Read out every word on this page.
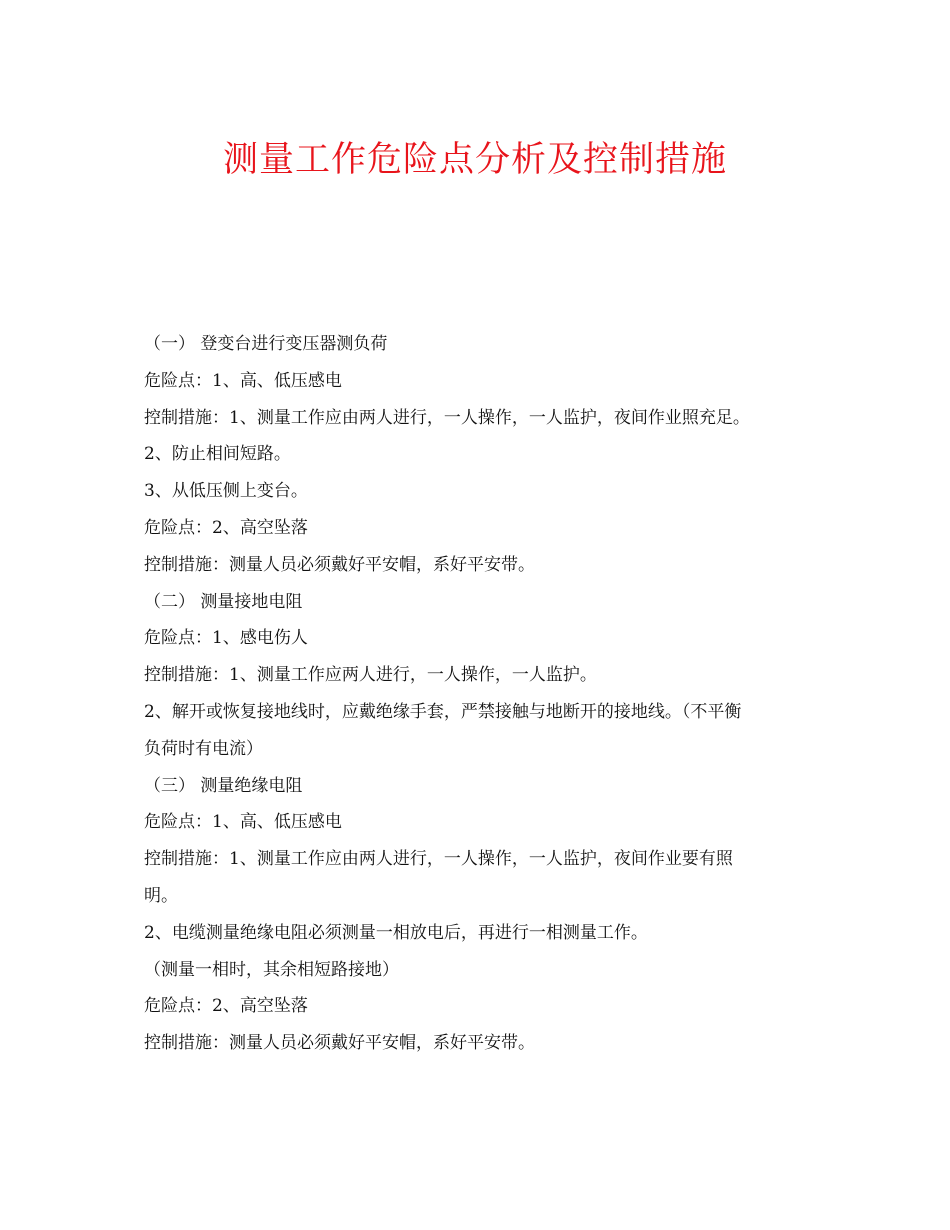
测量工作危险点分析及控制措施

（一） 登变台进行变压器测负荷

危险点：1、高、低压感电

控制措施：1、测量工作应由两人进行，一人操作，一人监护，夜间作业照充足。

2、防止相间短路。

3、从低压侧上变台。

危险点：2、高空坠落

控制措施：测量人员必须戴好平安帽，系好平安带。

（二） 测量接地电阻

危险点：1、感电伤人

控制措施：1、测量工作应两人进行，一人操作，一人监护。

2、解开或恢复接地线时，应戴绝缘手套，严禁接触与地断开的接地线。（不平衡

负荷时有电流）

（三） 测量绝缘电阻

危险点：1、高、低压感电

控制措施：1、测量工作应由两人进行，一人操作，一人监护，夜间作业要有照

明。

2、电缆测量绝缘电阻必须测量一相放电后，再进行一相测量工作。

（测量一相时，其余相短路接地）

危险点：2、高空坠落

控制措施：测量人员必须戴好平安帽，系好平安带。
